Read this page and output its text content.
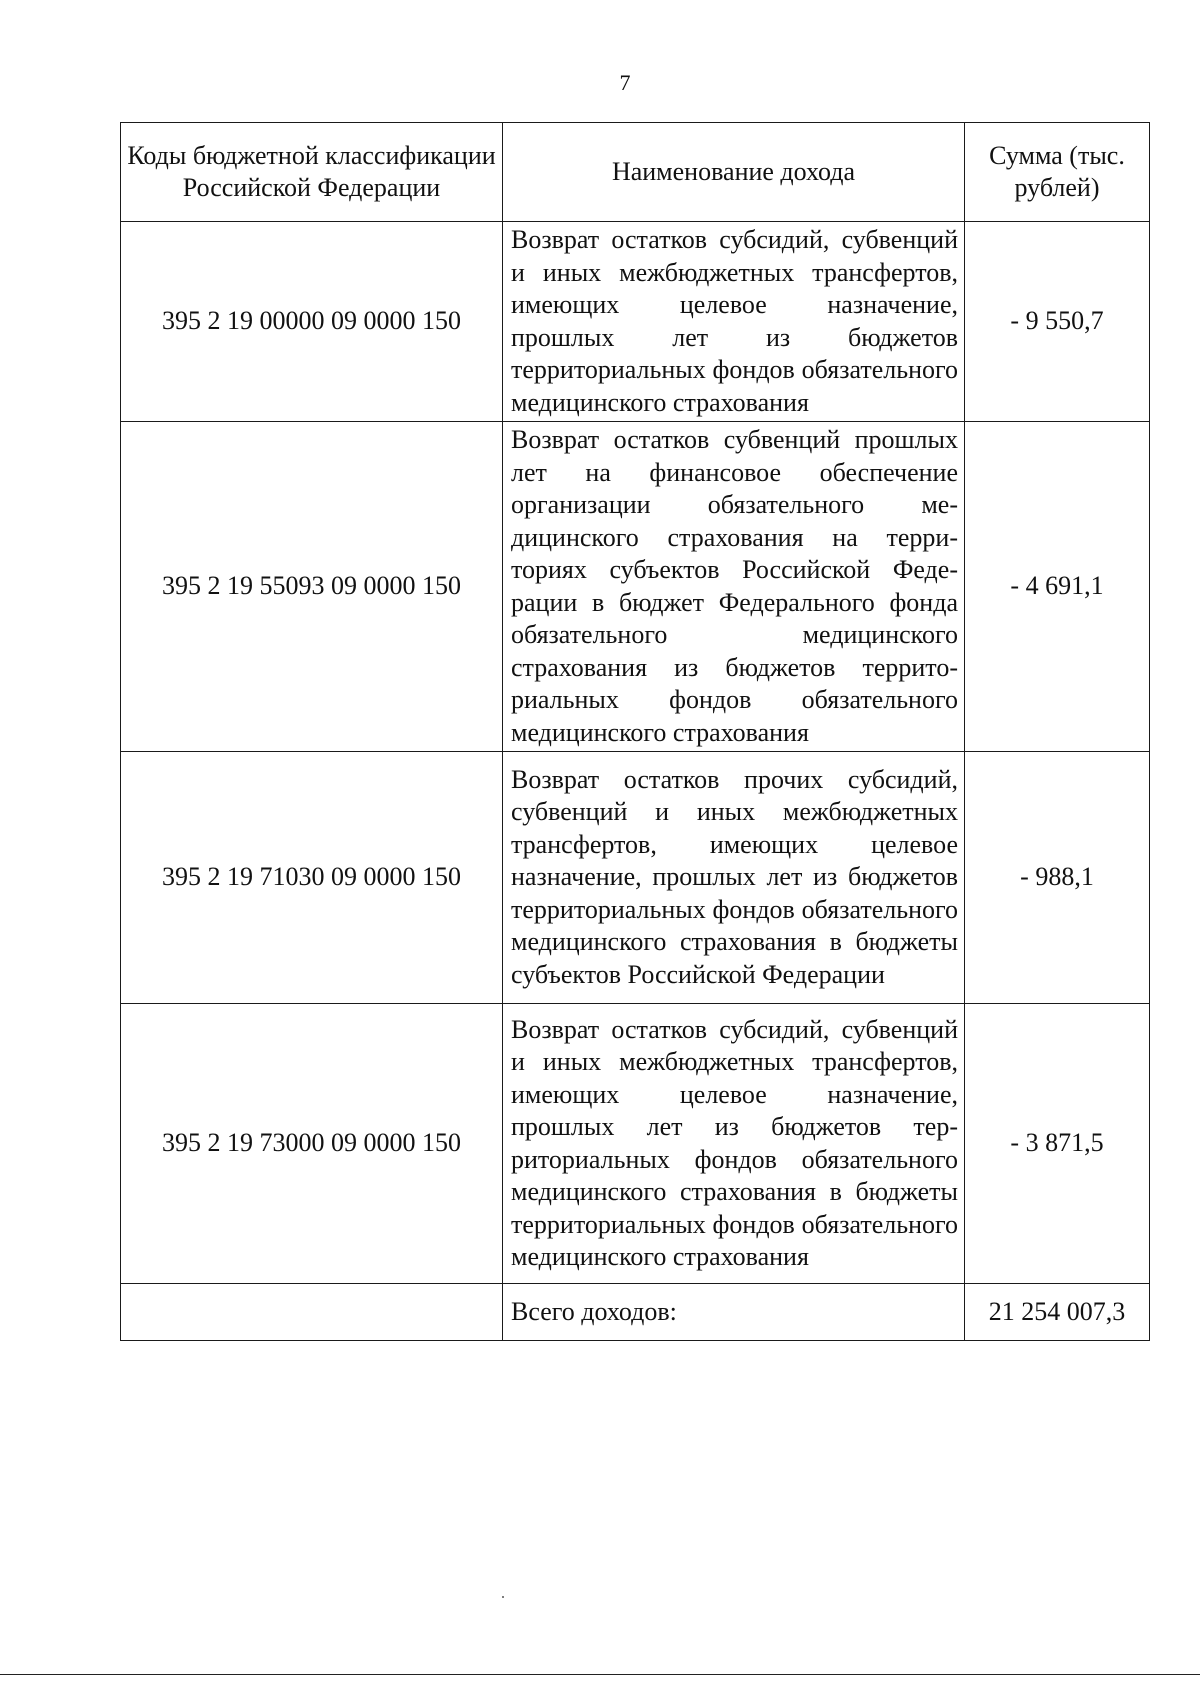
7
Коды бюджетной классификации Российской Федерации	Наименование дохода	Сумма (тыс. рублей)
395 2 19 00000 09 0000 150	Возврат остатков субсидий, субвенций и иных межбюджетных трансфертов, имеющих целевое назначение, прошлых лет из бюджетов территориальных фондов обязательного медицинского страхования	- 9 550,7
395 2 19 55093 09 0000 150	Возврат остатков субвенций прошлых лет на финансовое обеспечение организации обязательного медицинского страхования на территориях субъектов Российской Федерации в бюджет Федерального фонда обязательного медицинского страхования из бюджетов территориальных фондов обязательного медицинского страхования	- 4 691,1
395 2 19 71030 09 0000 150	Возврат остатков прочих субсидий, субвенций и иных межбюджетных трансфертов, имеющих целевое назначение, прошлых лет из бюджетов территориальных фондов обязательного медицинского страхования в бюджеты субъектов Российской Федерации	- 988,1
395 2 19 73000 09 0000 150	Возврат остатков субсидий, субвенций и иных межбюджетных трансфертов, имеющих целевое назначение, прошлых лет из бюджетов территориальных фондов обязательного медицинского страхования в бюджеты территориальных фондов обязательного медицинского страхования	- 3 871,5
	Всего доходов:	21 254 007,3
